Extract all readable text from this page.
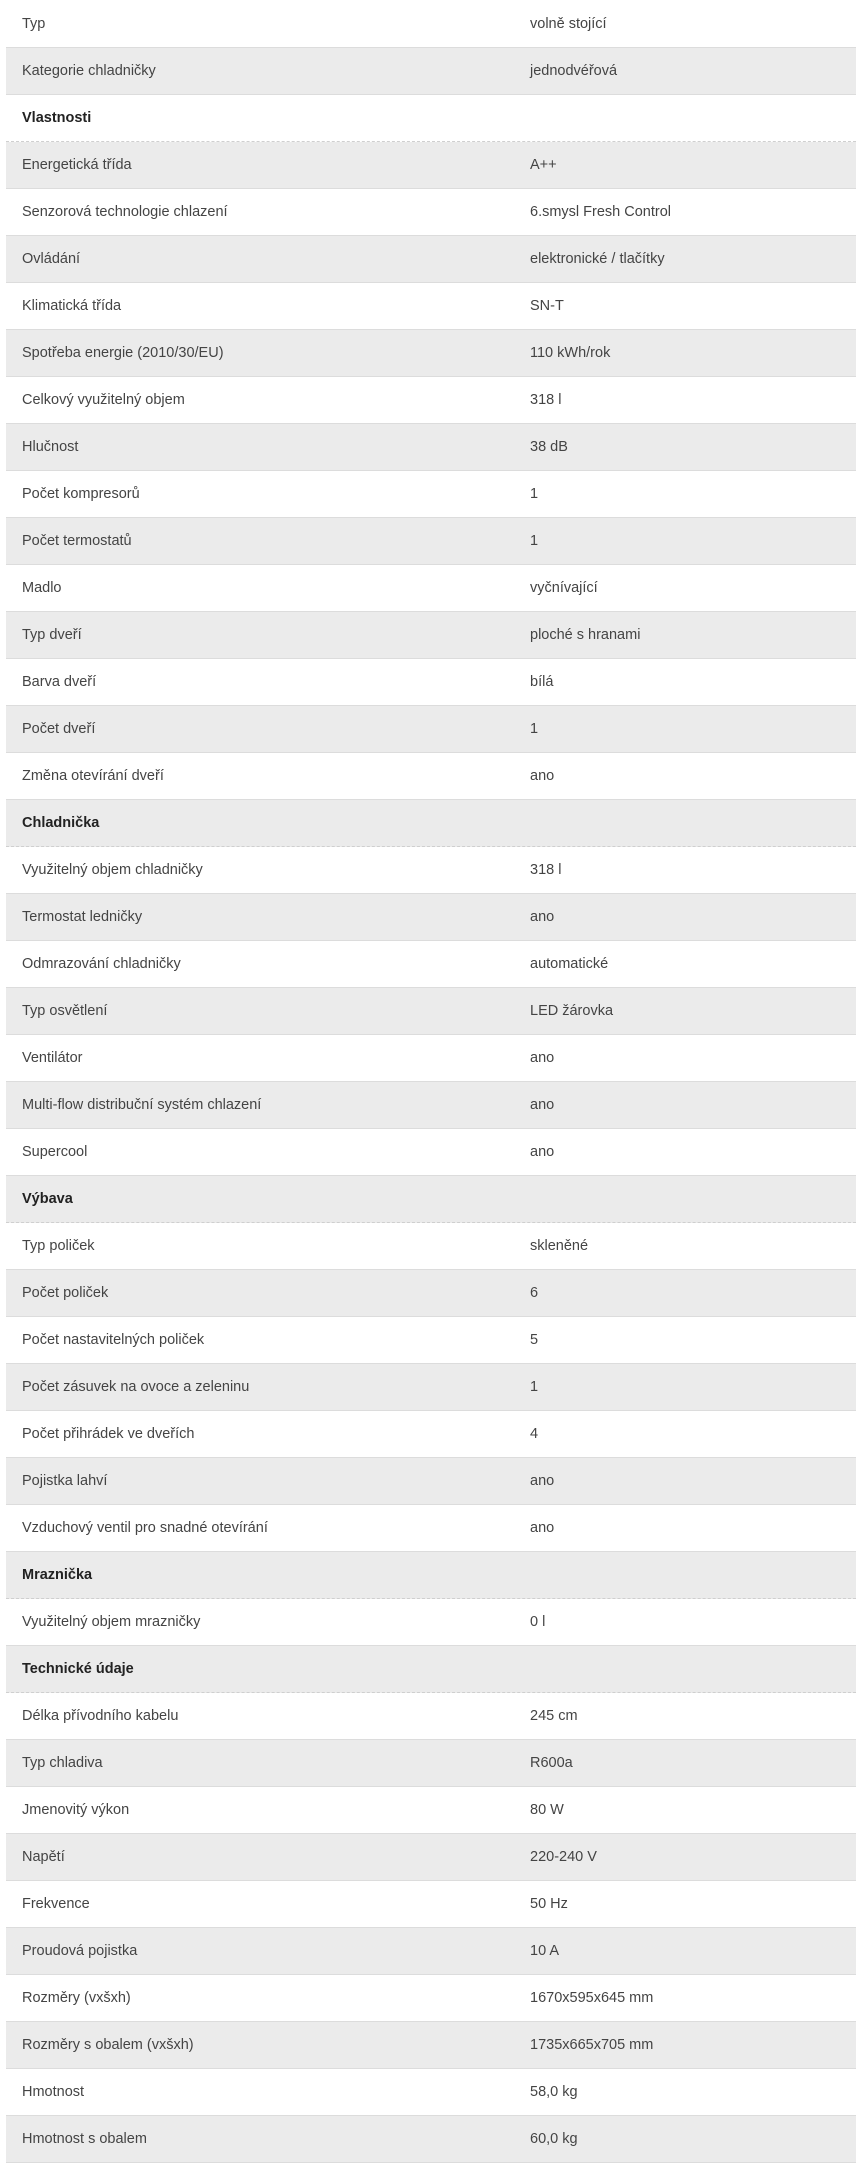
Typ	volně stojící
Kategorie chladničky	jednodvéřová
Vlastnosti
Energetická třída	A++
Senzorová technologie chlazení	6.smysl Fresh Control
Ovládání	elektronické / tlačítky
Klimatická třída	SN-T
Spotřeba energie (2010/30/EU)	110 kWh/rok
Celkový využitelný objem	318 l
Hlučnost	38 dB
Počet kompresorů	1
Počet termostatů	1
Madlo	vyčnívající
Typ dveří	ploché s hranami
Barva dveří	bílá
Počet dveří	1
Změna otevírání dveří	ano
Chladnička
Využitelný objem chladničky	318 l
Termostat ledničky	ano
Odmrazování chladničky	automatické
Typ osvětlení	LED žárovka
Ventilátor	ano
Multi-flow distribuční systém chlazení	ano
Supercool	ano
Výbava
Typ poliček	skleněné
Počet poliček	6
Počet nastavitelných poliček	5
Počet zásuvek na ovoce a zeleninu	1
Počet přihrádek ve dveřích	4
Pojistka lahví	ano
Vzduchový ventil pro snadné otevírání	ano
Mraznička
Využitelný objem mrazničky	0 l
Technické údaje
Délka přívodního kabelu	245 cm
Typ chladiva	R600a
Jmenovitý výkon	80 W
Napětí	220-240 V
Frekvence	50 Hz
Proudová pojistka	10 A
Rozměry (vxšxh)	1670x595x645 mm
Rozměry s obalem (vxšxh)	1735x665x705 mm
Hmotnost	58,0 kg
Hmotnost s obalem	60,0 kg
